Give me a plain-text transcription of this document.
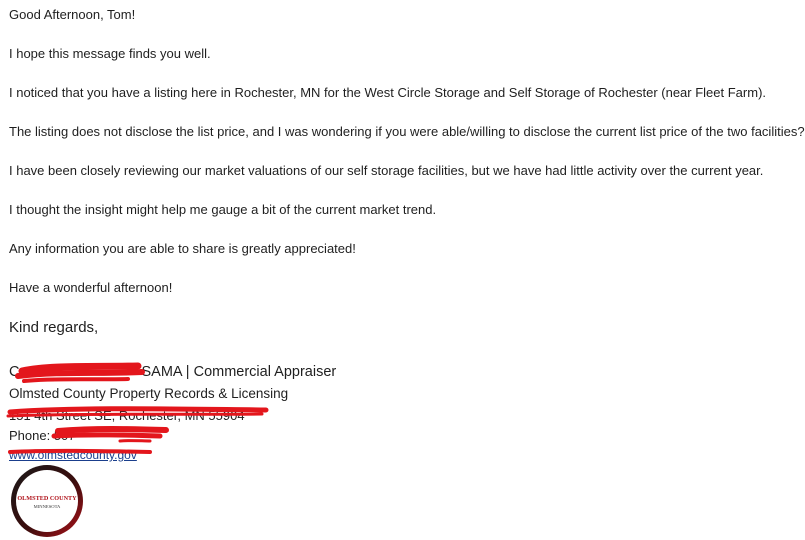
Good Afternoon, Tom!

I hope this message finds you well.

I noticed that you have a listing here in Rochester, MN for the West Circle Storage and Self Storage of Rochester (near Fleet Farm).

The listing does not disclose the list price, and I was wondering if you were able/willing to disclose the current list price of the two facilities?

I have been closely reviewing our market valuations of our self storage facilities, but we have had little activity over the current year.

I thought the insight might help me gauge a bit of the current market trend.

Any information you are able to share is greatly appreciated!

Have a wonderful afternoon!

Kind regards,
C	SAMA | Commercial Appraiser
Olmsted County Property Records & Licensing
151 4th Street SE, Rochester, MN 55904
Phone: 507
www.olmstedcounty.gov
OLMSTED COUNTY
MINNESOTA
